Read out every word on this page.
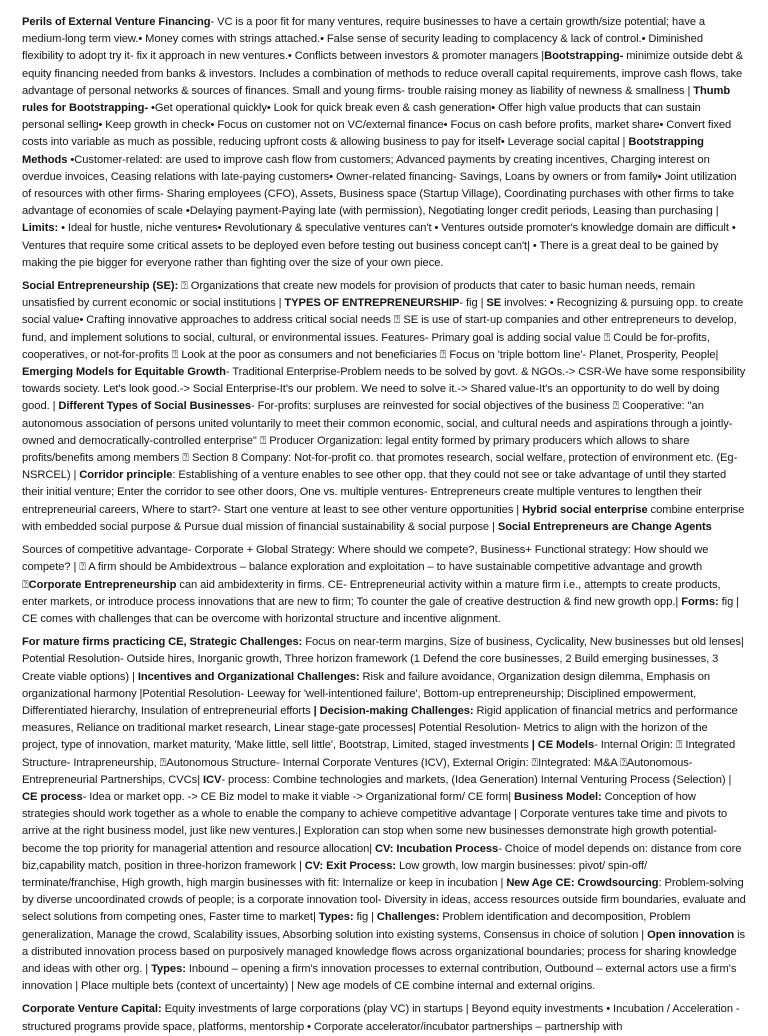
Perils of External Venture Financing- VC is a poor fit for many ventures, require businesses to have a certain growth/size potential; have a medium-long term view.• Money comes with strings attached.• False sense of security leading to complacency & lack of control.• Diminished flexibility to adopt try it- fix it approach in new ventures.• Conflicts between investors & promoter managers |Bootstrapping- minimize outside debt & equity financing needed from banks & investors. Includes a combination of methods to reduce overall capital requirements, improve cash flows, take advantage of personal networks & sources of finances. Small and young firms- trouble raising money as liability of newness & smallness | Thumb rules for Bootstrapping- •Get operational quickly• Look for quick break even & cash generation• Offer high value products that can sustain personal selling• Keep growth in check• Focus on customer not on VC/external finance• Focus on cash before profits, market share• Convert fixed costs into variable as much as possible, reducing upfront costs & allowing business to pay for itself• Leverage social capital | Bootstrapping Methods •Customer-related: are used to improve cash flow from customers; Advanced payments by creating incentives, Charging interest on overdue invoices, Ceasing relations with late-paying customers• Owner-related financing- Savings, Loans by owners or from family• Joint utilization of resources with other firms- Sharing employees (CFO), Assets, Business space (Startup Village), Coordinating purchases with other firms to take advantage of economies of scale •Delaying payment-Paying late (with permission), Negotiating longer credit periods, Leasing than purchasing | Limits: • Ideal for hustle, niche ventures• Revolutionary & speculative ventures can't • Ventures outside promoter's knowledge domain are difficult • Ventures that require some critical assets to be deployed even before testing out business concept can't| • There is a great deal to be gained by making the pie bigger for everyone rather than fighting over the size of your own piece.

Social Entrepreneurship (SE): ⍰ Organizations that create new models for provision of products that cater to basic human needs, remain unsatisfied by current economic or social institutions | TYPES OF ENTREPRENEURSHIP- fig | SE involves: • Recognizing & pursuing opp. to create social value• Crafting innovative approaches to address critical social needs ⍰ SE is use of start-up companies and other entrepreneurs to develop, fund, and implement solutions to social, cultural, or environmental issues. Features- Primary goal is adding social value ⍰ Could be for-profits, cooperatives, or not-for-profits ⍰ Look at the poor as consumers and not beneficiaries ⍰ Focus on 'triple bottom line'- Planet, Prosperity, People| Emerging Models for Equitable Growth- Traditional Enterprise-Problem needs to be solved by govt. & NGOs.-> CSR-We have some responsibility towards society. Let's look good.-> Social Enterprise-It's our problem. We need to solve it.-> Shared value-It's an opportunity to do well by doing good. | Different Types of Social Businesses- For-profits: surpluses are reinvested for social objectives of the business ⍰ Cooperative: "an autonomous association of persons united voluntarily to meet their common economic, social, and cultural needs and aspirations through a jointly-owned and democratically-controlled enterprise" ⍰ Producer Organization: legal entity formed by primary producers which allows to share profits/benefits among members ⍰ Section 8 Company: Not-for-profit co. that promotes research, social welfare, protection of environment etc. (Eg- NSRCEL) | Corridor principle: Establishing of a venture enables to see other opp. that they could not see or take advantage of until they started their initial venture; Enter the corridor to see other doors, One vs. multiple ventures- Entrepreneurs create multiple ventures to lengthen their entrepreneurial careers, Where to start?- Start one venture at least to see other venture opportunities | Hybrid social enterprise combine enterprise with embedded social purpose & Pursue dual mission of financial sustainability & social purpose | Social Entrepreneurs are Change Agents

Sources of competitive advantage- Corporate + Global Strategy: Where should we compete?, Business+ Functional strategy: How should we compete? | ⍰ A firm should be Ambidextrous – balance exploration and exploitation – to have sustainable competitive advantage and growth ⍰Corporate Entrepreneurship can aid ambidexterity in firms. CE- Entrepreneurial activity within a mature firm i.e., attempts to create products, enter markets, or introduce process innovations that are new to firm; To counter the gale of creative destruction & find new growth opp.| Forms: fig | CE comes with challenges that can be overcome with horizontal structure and incentive alignment.

For mature firms practicing CE, Strategic Challenges: Focus on near-term margins, Size of business, Cyclicality, New businesses but old lenses| Potential Resolution- Outside hires, Inorganic growth, Three horizon framework (1 Defend the core businesses, 2 Build emerging businesses, 3 Create viable options) | Incentives and Organizational Challenges: Risk and failure avoidance, Organization design dilemma, Emphasis on organizational harmony |Potential Resolution- Leeway for 'well-intentioned failure', Bottom-up entrepreneurship; Disciplined empowerment, Differentiated hierarchy, Insulation of entrepreneurial efforts | Decision-making Challenges: Rigid application of financial metrics and performance measures, Reliance on traditional market research, Linear stage-gate processes| Potential Resolution- Metrics to align with the horizon of the project, type of innovation, market maturity, 'Make little, sell little', Bootstrap, Limited, staged investments | CE Models- Internal Origin: ⍰ Integrated Structure- Intrapreneurship, ⍰Autonomous Structure- Internal Corporate Ventures (ICV), External Origin: ⍰Integrated: M&A ⍰Autonomous- Entrepreneurial Partnerships, CVCs| ICV- process: Combine technologies and markets, (Idea Generation) Internal Venturing Process (Selection) | CE process- Idea or market opp. -> CE Biz model to make it viable -> Organizational form/ CE form| Business Model: Conception of how strategies should work together as a whole to enable the company to achieve competitive advantage | Corporate ventures take time and pivots to arrive at the right business model, just like new ventures.| Exploration can stop when some new businesses demonstrate high growth potential- become the top priority for managerial attention and resource allocation| CV: Incubation Process- Choice of model depends on: distance from core biz,capability match, position in three-horizon framework | CV: Exit Process: Low growth, low margin businesses: pivot/ spin-off/ terminate/franchise, High growth, high margin businesses with fit: Internalize or keep in incubation | New Age CE: Crowdsourcing: Problem-solving by diverse uncoordinated crowds of people; is a corporate innovation tool- Diversity in ideas, access resources outside firm boundaries, evaluate and select solutions from competing ones, Faster time to market| Types: fig | Challenges: Problem identification and decomposition, Problem generalization, Manage the crowd, Scalability issues, Absorbing solution into existing systems, Consensus in choice of solution | Open innovation is a distributed innovation process based on purposively managed knowledge flows across organizational boundaries; process for sharing knowledge and ideas with other org. | Types: Inbound – opening a firm's innovation processes to external contribution, Outbound – external actors use a firm's innovation | Place multiple bets (context of uncertainty) | New age models of CE combine internal and external origins.

Corporate Venture Capital: Equity investments of large corporations (play VC) in startups | Beyond equity investments • Incubation / Acceleration - structured programs provide space, platforms, mentorship • Corporate accelerator/incubator partnerships – partnership with
